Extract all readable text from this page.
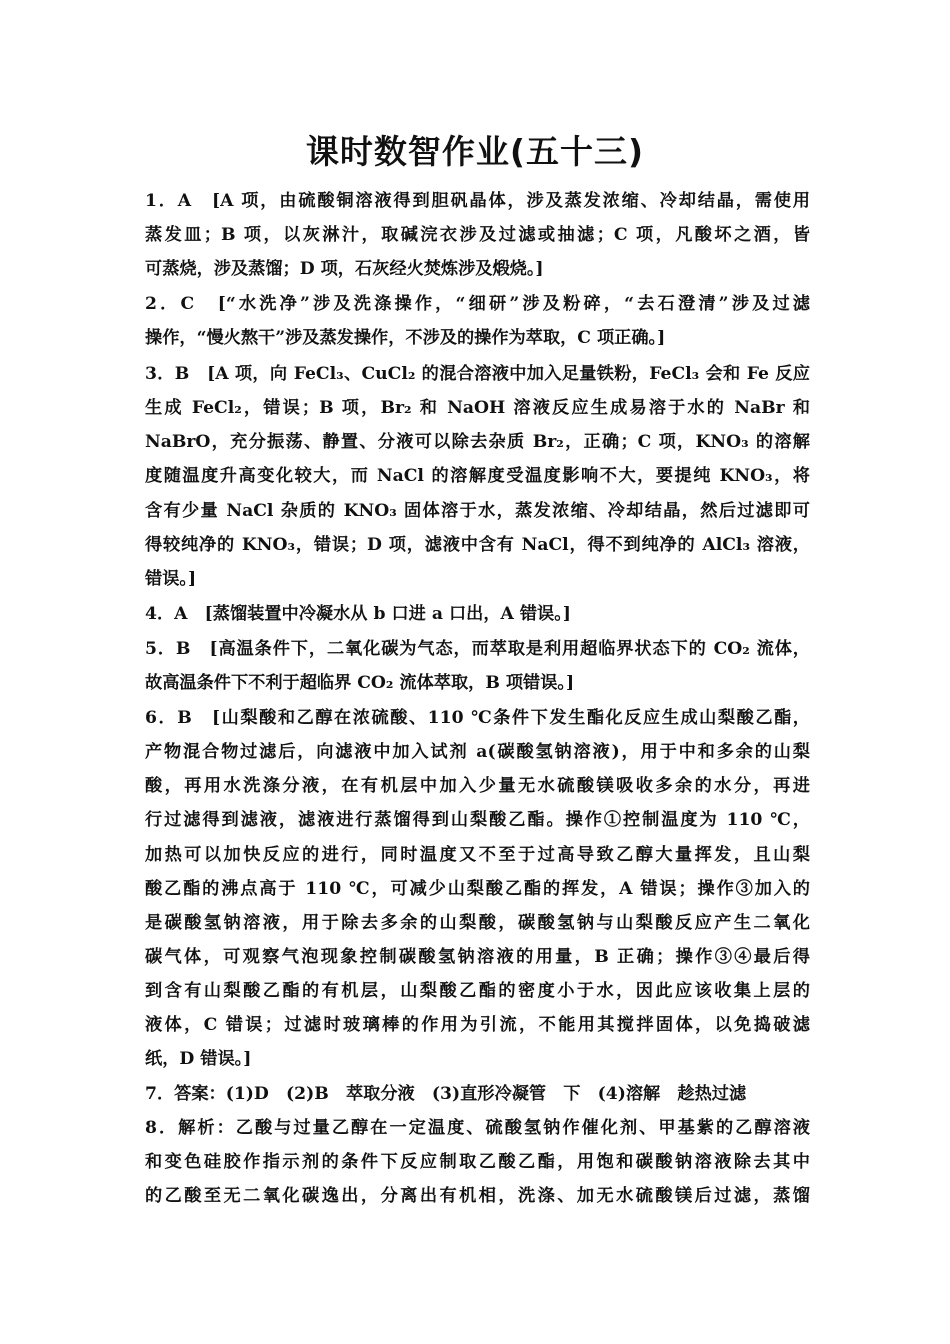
课时数智作业(五十三)
1．A　[A 项，由硫酸铜溶液得到胆矾晶体，涉及蒸发浓缩、冷却结晶，需使用
蒸发皿；B 项，以灰淋汁，取碱浣衣涉及过滤或抽滤；C 项，凡酸坏之酒，皆
可蒸烧，涉及蒸馏；D 项，石灰经火焚炼涉及煅烧。]
2．C　[“水洗净”涉及洗涤操作，“细研”涉及粉碎，“去石澄清”涉及过滤
操作，“慢火熬干”涉及蒸发操作，不涉及的操作为萃取，C 项正确。]
3．B　[A 项，向 FeCl₃、CuCl₂ 的混合溶液中加入足量铁粉，FeCl₃ 会和 Fe 反应
生成 FeCl₂，错误；B 项，Br₂ 和 NaOH 溶液反应生成易溶于水的 NaBr 和
NaBrO，充分振荡、静置、分液可以除去杂质 Br₂，正确；C 项，KNO₃ 的溶解
度随温度升高变化较大，而 NaCl 的溶解度受温度影响不大，要提纯 KNO₃，将
含有少量 NaCl 杂质的 KNO₃ 固体溶于水，蒸发浓缩、冷却结晶，然后过滤即可
得较纯净的 KNO₃，错误；D 项，滤液中含有 NaCl，得不到纯净的 AlCl₃ 溶液，
错误。]
4．A　[蒸馏装置中冷凝水从 b 口进 a 口出，A 错误。]
5．B　[高温条件下，二氧化碳为气态，而萃取是利用超临界状态下的 CO₂ 流体，
故高温条件下不利于超临界 CO₂ 流体萃取，B 项错误。]
6．B　[山梨酸和乙醇在浓硫酸、110 ℃条件下发生酯化反应生成山梨酸乙酯，
产物混合物过滤后，向滤液中加入试剂 a(碳酸氢钠溶液)，用于中和多余的山梨
酸，再用水洗涤分液，在有机层中加入少量无水硫酸镁吸收多余的水分，再进
行过滤得到滤液，滤液进行蒸馏得到山梨酸乙酯。操作①控制温度为 110 ℃，
加热可以加快反应的进行，同时温度又不至于过高导致乙醇大量挥发，且山梨
酸乙酯的沸点高于 110 ℃，可减少山梨酸乙酯的挥发，A 错误；操作③加入的
是碳酸氢钠溶液，用于除去多余的山梨酸，碳酸氢钠与山梨酸反应产生二氧化
碳气体，可观察气泡现象控制碳酸氢钠溶液的用量，B 正确；操作③④最后得
到含有山梨酸乙酯的有机层，山梨酸乙酯的密度小于水，因此应该收集上层的
液体，C 错误；过滤时玻璃棒的作用为引流，不能用其搅拌固体，以免捣破滤
纸，D 错误。]
7．答案：(1)D　(2)B　萃取分液　(3)直形冷凝管　下　(4)溶解　趁热过滤
8．解析：乙酸与过量乙醇在一定温度、硫酸氢钠作催化剂、甲基紫的乙醇溶液
和变色硅胶作指示剂的条件下反应制取乙酸乙酯，用饱和碳酸钠溶液除去其中
的乙酸至无二氧化碳逸出，分离出有机相，洗涤、加无水硫酸镁后过滤，蒸馏
